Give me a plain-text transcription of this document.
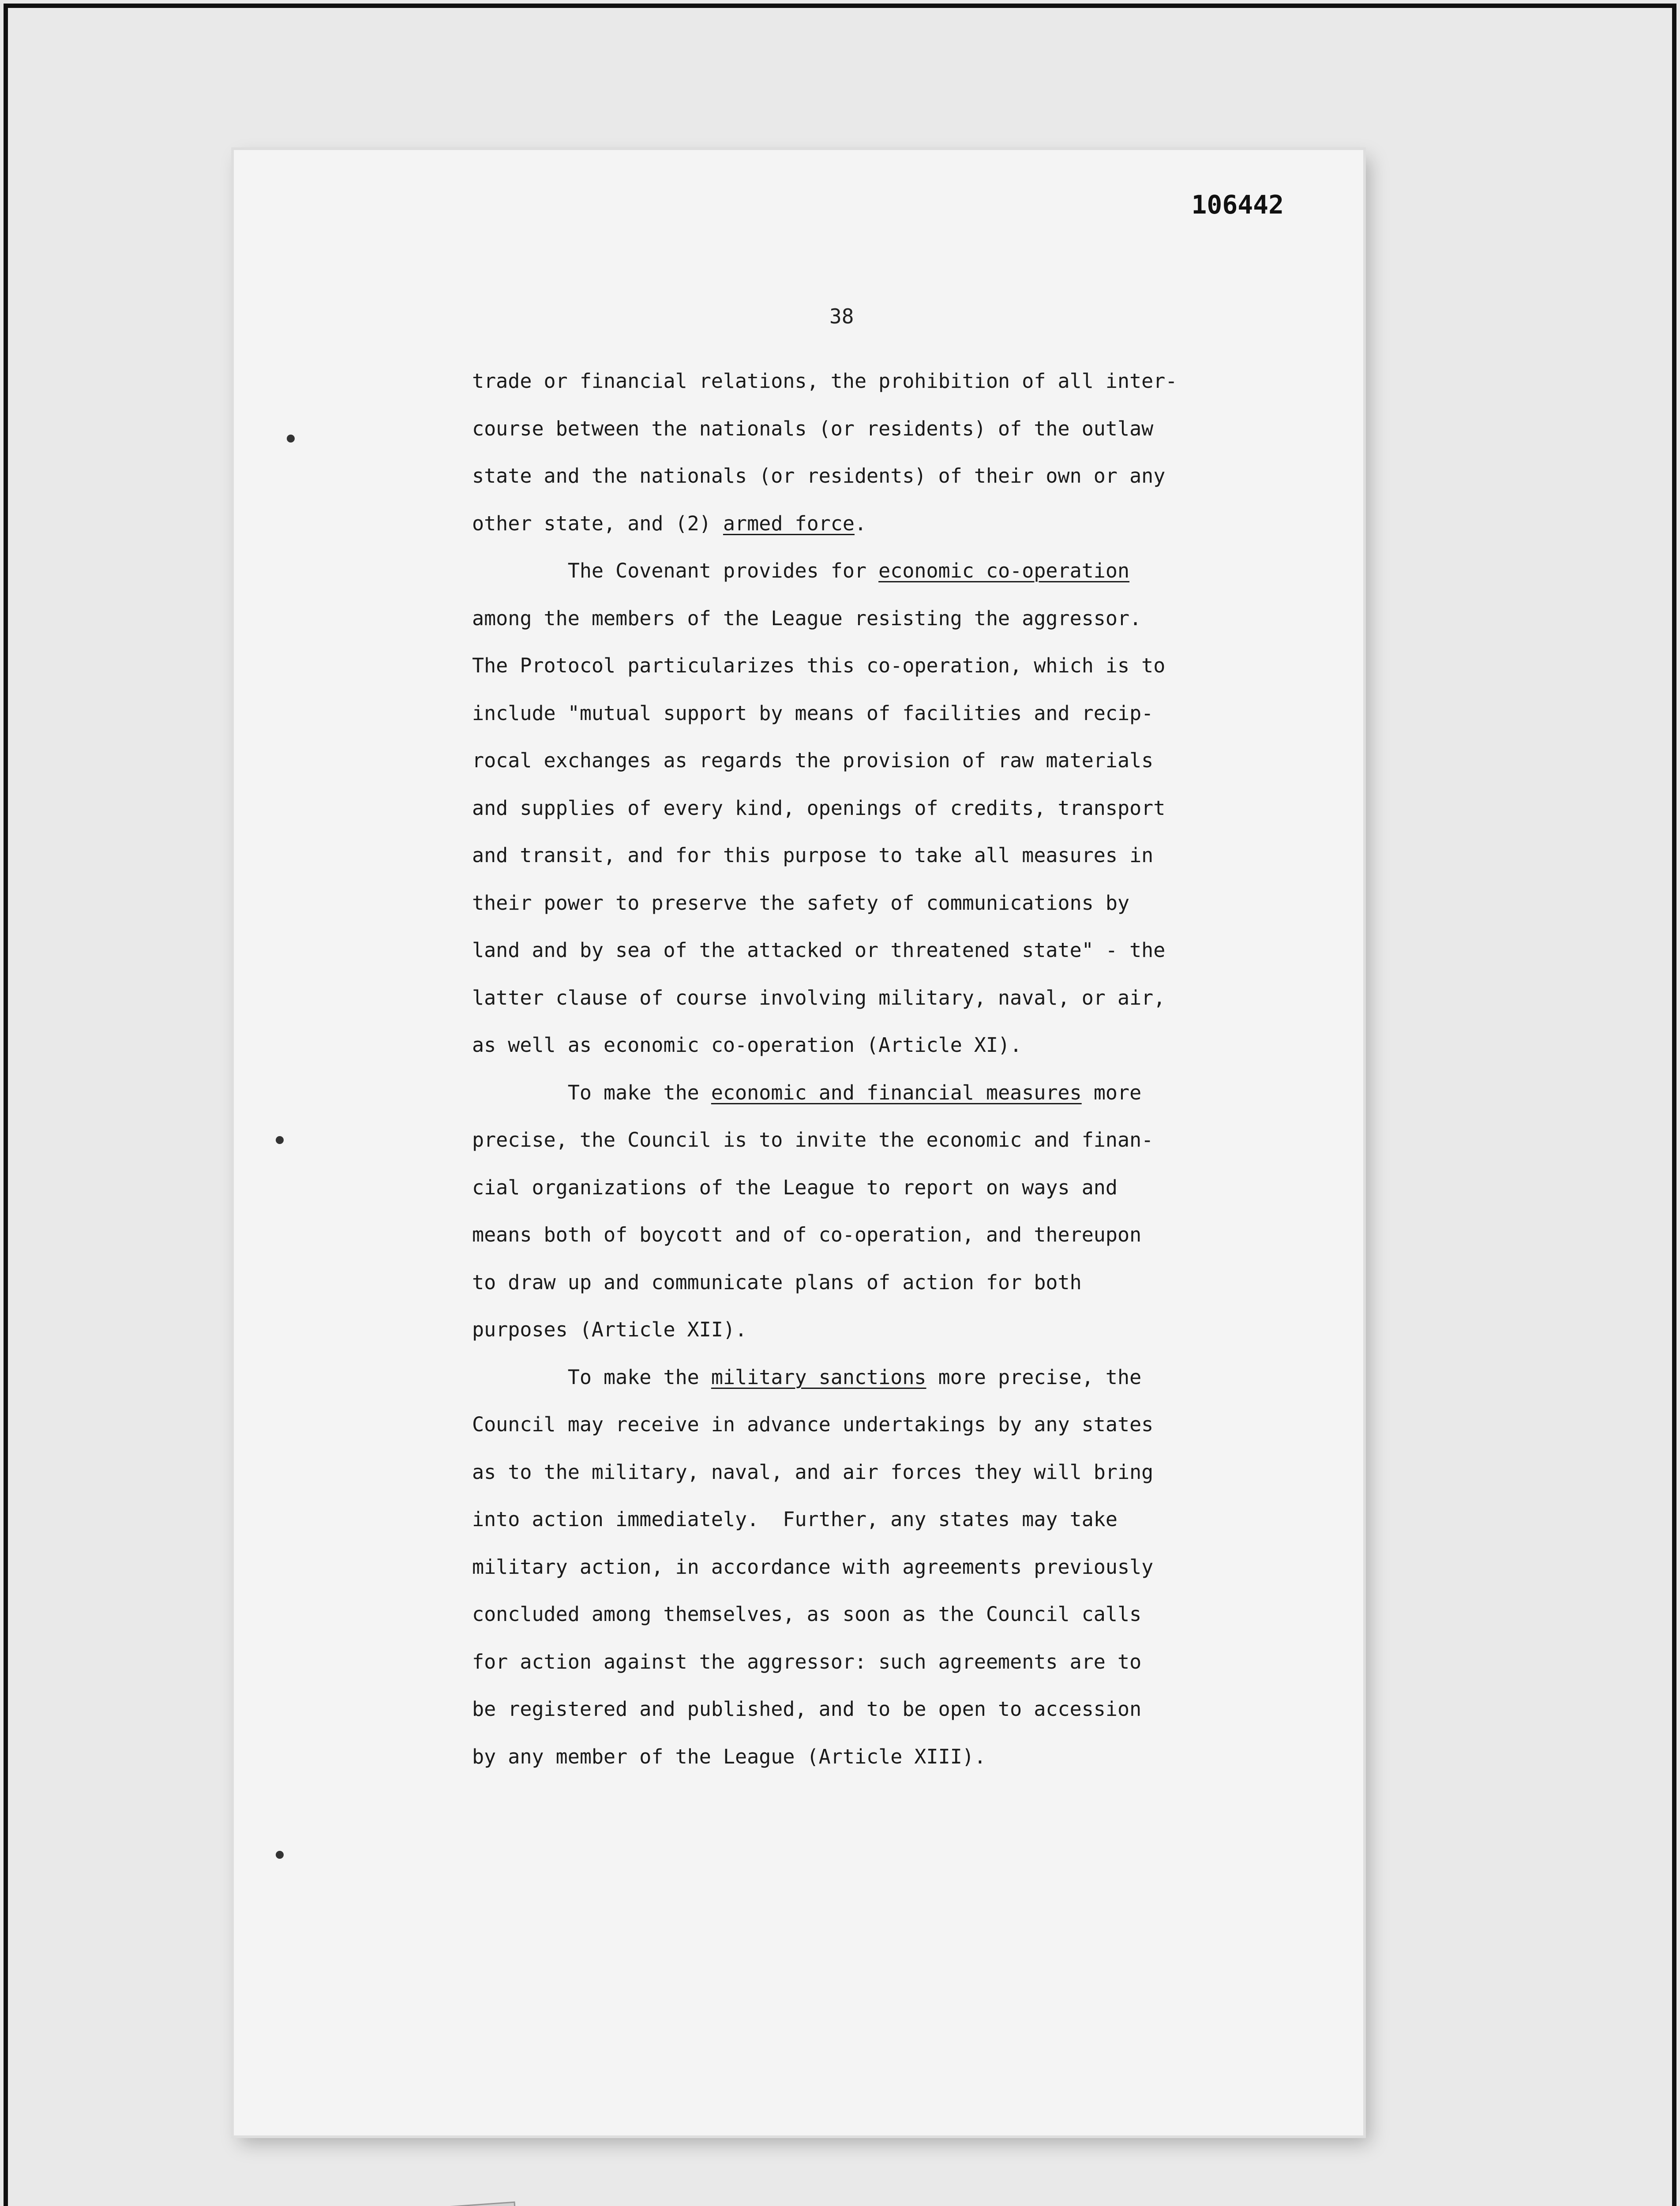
106442
38

trade or financial relations, the prohibition of all inter-

course between the nationals (or residents) of the outlaw

state and the nationals (or residents) of their own or any

other state, and (2) armed force.

The Covenant provides for economic co-operation

among the members of the League resisting the aggressor.

The Protocol particularizes this co-operation, which is to

include "mutual support by means of facilities and recip-

rocal exchanges as regards the provision of raw materials

and supplies of every kind, openings of credits, transport

and transit, and for this purpose to take all measures in

their power to preserve the safety of communications by

land and by sea of the attacked or threatened state" - the

latter clause of course involving military, naval, or air,

as well as economic co-operation (Article XI).

To make the economic and financial measures more

precise, the Council is to invite the economic and finan-

cial organizations of the League to report on ways and

means both of boycott and of co-operation, and thereupon

to draw up and communicate plans of action for both

purposes (Article XII).

To make the military sanctions more precise, the

Council may receive in advance undertakings by any states

as to the military, naval, and air forces they will bring

into action immediately.  Further, any states may take

military action, in accordance with agreements previously

concluded among themselves, as soon as the Council calls

for action against the aggressor: such agreements are to

be registered and published, and to be open to accession

by any member of the League (Article XIII).
